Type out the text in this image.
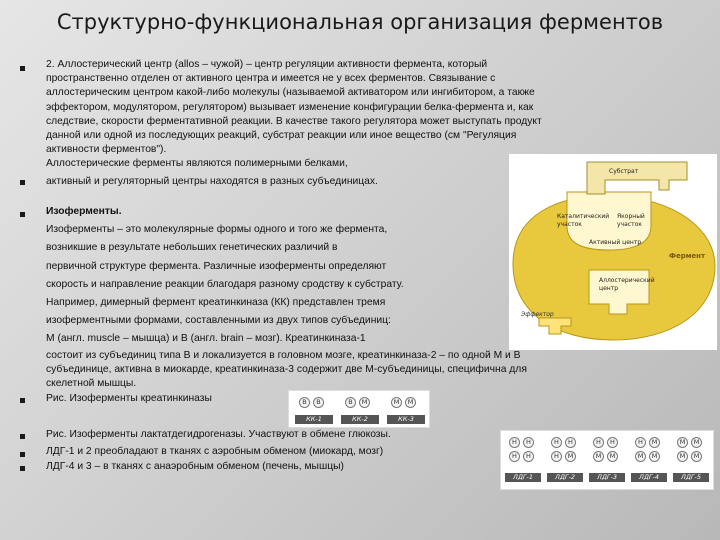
Структурно-функциональная организация ферментов
2. Аллостерический центр (allos – чужой) – центр регуляции активности фермента, который
пространственно отделен от активного центра и имеется не у всех ферментов. Связывание с
аллостерическим центром какой-либо молекулы (называемой активатором или ингибитором, а также
эффектором, модулятором, регулятором) вызывает изменение конфигурации белка-фермента и, как
следствие, скорости ферментативной реакции. В качестве такого регулятора может выступать продукт
данной или одной из последующих реакций, субстрат реакции или иное вещество (см "Регуляция
активности ферментов").
Аллостерические ферменты являются полимерными белками,
активный и регуляторный центры находятся в разных субъединицах.
Изоферменты.
Изоферменты – это молекулярные формы одного и того же фермента,
возникшие в результате небольших генетических различий в
первичной структуре фермента. Различные изоферменты определяют
скорость и направление реакции благодаря разному сродству к субстрату.
Например, димерный фермент креатинкиназа (КК) представлен тремя
изоферментными формами, составленными из двух типов субъединиц:
М (англ. muscle – мышца) и В (англ. brain – мозг). Креатинкиназа-1
состоит из субъединиц типа В и локализуется в головном мозге, креатинкиназа-2 – по одной М и В
субъединице, активна в миокарде, креатинкиназа-3 содержит две М-субъединицы, специфична для
скелетной мышцы.
Рис. Изоферменты креатинкиназы
Рис. Изоферменты лактатдегидрогеназы. Участвуют в обмене глюкозы.
ЛДГ-1 и 2 преобладают в тканях с аэробным обменом (миокард, мозг)
ЛДГ-4 и 3 – в тканях с анаэробным обменом (печень, мышцы)
Субстрат
Каталитический
участок
Якорный
участок
Активный центр
Фермент
Аллостерический
центр
Эффектор
B	B
КК-1
B	M
КК-2
M	M
КК-3
H	H
H	H
ЛДГ-1
H	H
H	M
ЛДГ-2
H	H
M	M
ЛДГ-3
H	M
M	M
ЛДГ-4
M	M
M	M
ЛДГ-5
